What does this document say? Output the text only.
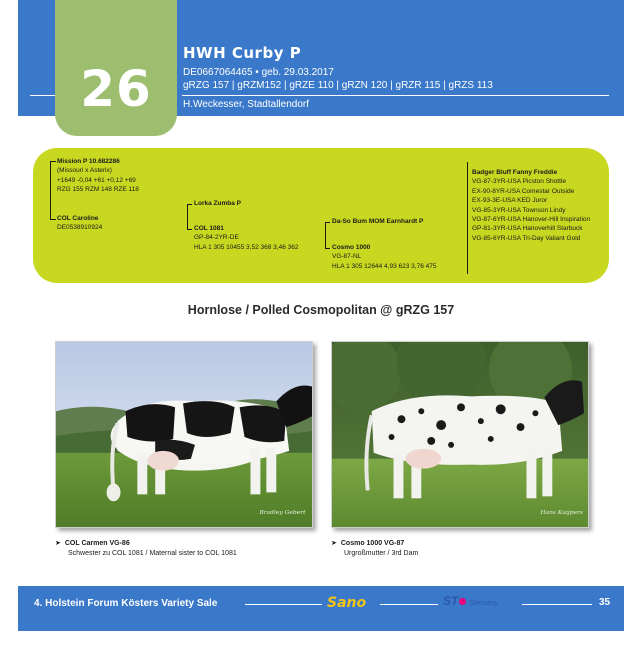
26
HWH Curby P
DE0667064465 • geb. 29.03.2017
gRZG 157 | gRZM152 | gRZE 110 | gRZN 120 | gRZR 115 | gRZS 113
H.Weckesser, Stadtallendorf
Mission P 10.682286
(Missouri x Asterix)
+1649 -0,04 +61 +0,12 +69
RZG 155 RZM 148 RZE 118
COL Caroline
DE0538910924
Lorka Zumba P
COL 1081
GP-84-2YR-DE
HLA 1 305 10455 3,52 368 3,46 362
Da-So Bum MOM Earnhardt P
Cosmo 1000
VG-87-NL
HLA 1 305 12644 4,93 623 3,76 475
Badger Bluff Fanny Freddie
VG-87-3YR-USA Picston Shottle
EX-90-8YR-USA Comestar Outside
EX-93-3E-USA KED Juror
VG-85-3YR-USA Townson Lindy
VG-87-6YR-USA Hanover-Hill Inspiration
GP-81-3YR-USA Hanoverhill Starbuck
VG-85-6YR-USA Tri-Day Valiant Gold
Hornlose / Polled Cosmopolitan @ gRZG 157
Bradley Gebert
➤ COL Carmen VG-86
Schwester zu COL 1081 / Maternal sister to COL 1081
Hans Kuijpers
➤ Cosmo 1000 VG-87
Urgroßmutter / 3rd Dam
4. Holstein Forum Kösters Variety Sale	Sano	ST Germany	35
